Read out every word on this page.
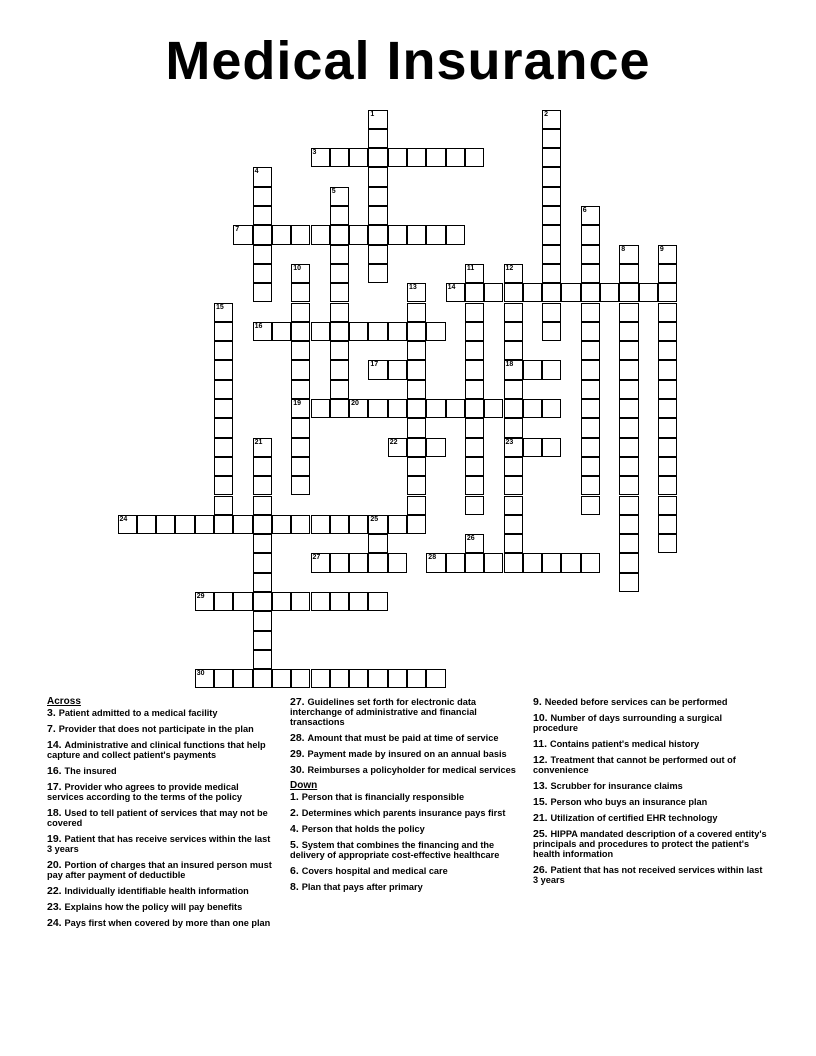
Medical Insurance
1	2
3
4
5
6
7
8	9
10
19
11	12
18
23
13	14
15
16
17
20
21	22
24	25
26
27	28
29
30
Across
3. Patient admitted to a medical facility
7. Provider that does not participate in the plan
14. Administrative and clinical functions that help capture and collect patient's payments
16. The insured
17. Provider who agrees to provide medical services according to the terms of the policy
18. Used to tell patient of services that may not be covered
19. Patient that has receive services within the last 3 years
20. Portion of charges that an insured person must pay after payment of deductible
22. Individually identifiable health information
23. Explains how the policy will pay benefits
24. Pays first when covered by more than one plan
27. Guidelines set forth for electronic data interchange of administrative and financial transactions
28. Amount that must be paid at time of service
29. Payment made by insured on an annual basis
30. Reimburses a policyholder for medical services
Down
1. Person that is financially responsible
2. Determines which parents insurance pays first
4. Person that holds the policy
5. System that combines the financing and the delivery of appropriate cost-effective healthcare
6. Covers hospital and medical care
8. Plan that pays after primary
9. Needed before services can be performed
10. Number of days surrounding a surgical procedure
11. Contains patient's medical history
12. Treatment that cannot be performed out of convenience
13. Scrubber for insurance claims
15. Person who buys an insurance plan
21. Utilization of certified EHR technology
25. HIPPA mandated description of a covered entity's principals and procedures to protect the patient's health information
26. Patient that has not received services within last 3 years
